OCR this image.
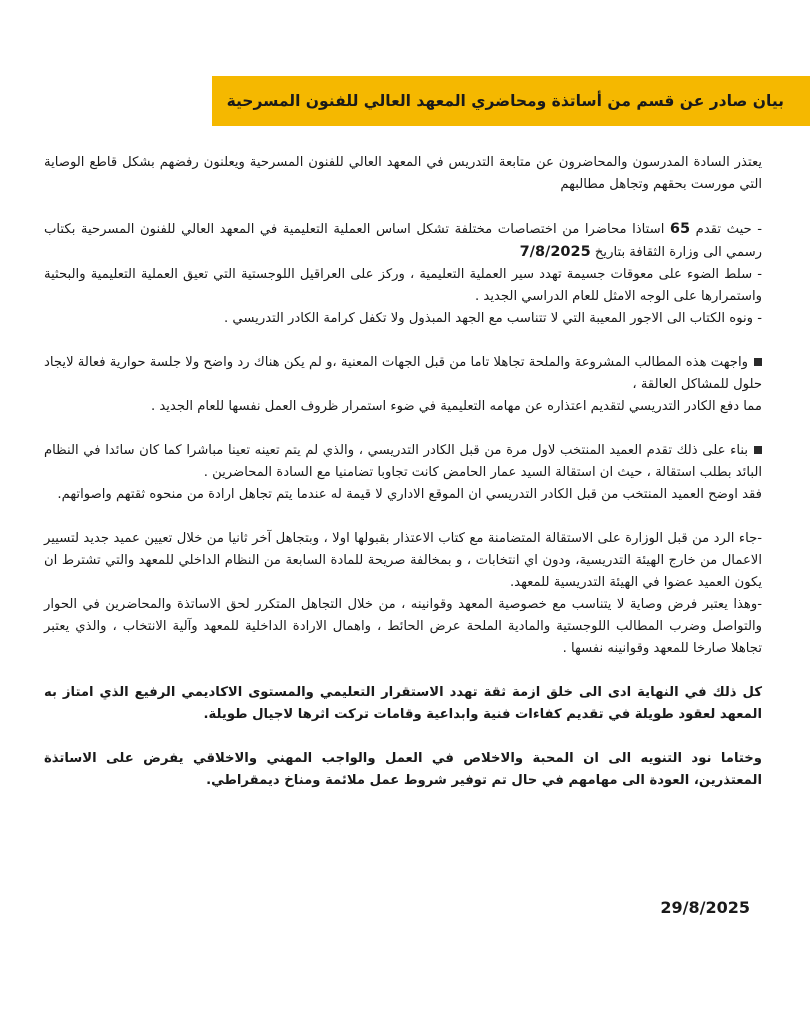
بيان صادر عن قسم من أساتذة ومحاضري المعهد العالي للفنون المسرحية

يعتذر السادة المدرسون والمحاضرون عن متابعة التدريس في المعهد العالي للفنون المسرحية ويعلنون رفضهم بشكل قاطع الوصاية التي مورست بحقهم وتجاهل مطالبهم

- حيث تقدم 65 استاذا محاضرا من اختصاصات مختلفة تشكل اساس العملية التعليمية في المعهد العالي للفنون المسرحية بكتاب رسمي الى وزارة الثقافة بتاريخ 7/8/2025

- سلط الضوء على معوقات جسيمة تهدد سير العملية التعليمية ، وركز على العراقيل اللوجستية التي تعيق العملية التعليمية والبحثية واستمرارها على الوجه الامثل للعام الدراسي الجديد .

- ونوه الكتاب الى الاجور المعيبة التي لا تتناسب مع الجهد المبذول ولا تكفل كرامة الكادر التدريسي .

واجهت هذه المطالب المشروعة والملحة تجاهلا تاما من قبل الجهات المعنية ،و لم يكن هناك رد واضح ولا جلسة حوارية فعالة لايجاد حلول للمشاكل العالقة ،

مما دفع الكادر التدريسي لتقديم اعتذاره عن مهامه التعليمية في ضوء استمرار ظروف العمل نفسها للعام الجديد .

بناء على ذلك تقدم العميد المنتخب لاول مرة من قبل الكادر التدريسي ، والذي لم يتم تعينه تعينا مباشرا كما كان سائدا في النظام البائد بطلب استقالة ، حيث ان استقالة السيد عمار الحامض كانت تجاوبا تضامنيا مع السادة المحاضرين .

فقد اوضح العميد المنتخب من قبل الكادر التدريسي ان الموقع الاداري لا قيمة له عندما يتم تجاهل ارادة من منحوه ثقتهم واصواتهم.

-جاء الرد من قبل الوزارة على الاستقالة المتضامنة مع كتاب الاعتذار بقبولها اولا ، وبتجاهل آخر ثانيا من خلال تعيين عميد جديد لتسيير الاعمال من خارج الهيئة التدريسية، ودون اي انتخابات ، و بمخالفة صريحة للمادة السابعة من النظام الداخلي للمعهد والتي تشترط ان يكون العميد عضوا في الهيئة التدريسية للمعهد.

-وهذا يعتبر فرض وصاية لا يتناسب مع خصوصية المعهد وقوانينه ، من خلال التجاهل المتكرر لحق الاساتذة والمحاضرين في الحوار والتواصل وضرب المطالب اللوجستية والمادية الملحة عرض الحائط ، واهمال الارادة الداخلية للمعهد وآلية الانتخاب ، والذي يعتبر تجاهلا صارخا للمعهد وقوانينه نفسها .

كل ذلك في النهاية ادى الى خلق ازمة ثقة تهدد الاستقرار التعليمي والمستوى الاكاديمي الرفيع الذي امتاز به المعهد لعقود طويلة في تقديم كفاءات فنية وابداعية وقامات تركت اثرها لاجيال طويلة.

وختاما نود التنويه الى ان المحبة والاخلاص في العمل والواجب المهني والاخلاقي يفرض على الاساتذة المعتذرين، العودة الى مهامهم في حال تم توفير شروط عمل ملائمة ومناخ ديمقراطي.

29/8/2025
